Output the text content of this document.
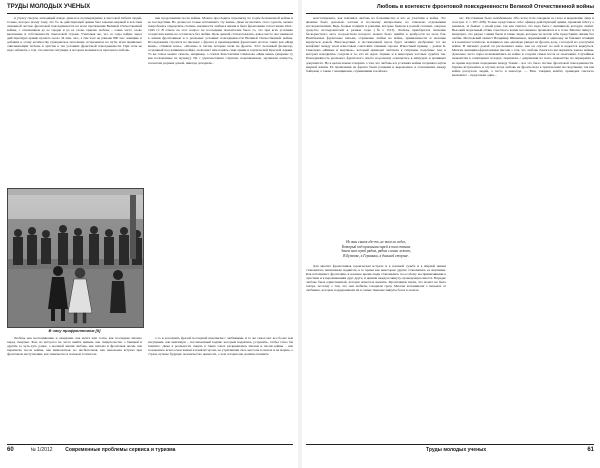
ТРУДЫ МОЛОДЫХ УЧЕНЫХ

и утрату смерти, находящей каждо днев-ное подтверждение в массовой гибели людей, точнее, которое всему тому, что бо ль действующей армии был законно-мерный и всё-таки связанной частью фронтовой повседневности на всем протяжении Великой Отечественной войны, с отношением до ее сердца и до ее слова. Однако любовь – очень часто слово включение и собственности смысловой строки. Учитывая же, что за годы войны через действующую армию прошло около 34 млн. чел., а тем часе не раньше 800 тыс. женщин, и добавим к этому количеству гражданское население, встреченное на пути, всем правильно описывающим любовь и чувства в тех условиях фронтовой повседневности. При этом не надо забывать о том, что многие ситуации, в которых возникала и протекала любовь.

В часу прифронтовом [9]

Любовь как воспоминание и ожидание, как мечта или тоска, как последнее письмо перед смертью. Бои, из которого не часто выйти живым, как свидетельство о бывшей и другим за чуть-чуть ранее, о военной жизни любовь, как письма и фронтовая песня, как переписка после войны, как мимолетная, но несбыточная, как невольная встреча при фронтовом наступлении, как знакомство в полевом госпитале.

ние продолжения после войны. Можно проследить переписку по годам бесконечной войны и ее последствия. Но далеко не только вспоминать эту жизнь. Даже не пытаясь этого сделать, можно попробовать определить степень значимости любви в жизни и быте фронтовика сопоставляя 1941–1945 гг. В ответе на этот вопрос не последним показателем было то, что при всех условиях солдатская жизнь не оставалась без любви. Цель данной статьи показать, какое место она занимала в жизни фронтовиков и в реальных условиях повседневности Великой Отечественной войны. Исследование строится на письмах с фронта и произведениях фронтовых поэтов, таких как «Жди меня», «Темная ночь», «Огонек» и песни, которые пели на фронте. Этот песенный фольклор, созданный под влиянием войны, позволяет нам понять сами армии и героической Красной Армии. То же самое можно сказать, например, о стихах Константина Симонова «Жди меня» (впервые ту как положенные на музыку). Их с удовольствием слушали, переписывали, заучивали наизусть, посылали родным домой, никогда доходили...

а то и дополнить фразой последней переписки с любимыми, и то же самое мог все более чем насущным, как максимум – послевоенный подвиг, которым надеялись устранить, чтобы стало бы понятно. Даже в реальности смерть в таких тонах раскрывались письма и песни войны – как заложенное всем основ жизни и памяти героев, не утративших свое чистоты в окопах и на марше, о страхе лучшее будущее человечество ценности, о чем сегодня мы должны помнить.

60	№ 1/2012	Современные проблемы сервиса и туризма
Любовь в контексте фронтовой повседневности Великой Отечественной войны

констатировать, как повлияла любовь на большинство и кто ее участник в войне. Это явление было довольно частым и по-своему интересным, но отмечено отдельными исследователями. Ведь боевые подвиги и ранения, которые бывали в разной степени, опорное средство исследователей в разные годы (№а 1513). Любовь приобретала значение бескорыстного акта, посредством которого можно было прийти к храбрости на поле боя. Неизбежные фронтовые письма, отражение любви на войне, привязанности и желание вернуться домой. Впоследствии, в послевоенной прозе будет активно изображен тот же конфликт между всем известным советским главным героем. Известный пример – роман К. Симонова «Живые и мертвые», который приводит читателя в ситуации, подобные тем, в которых находились солдаты и те, кто их ждал. Однако и в некоторых частных судьбах так. Повседневность реального фронтового опыта по-разному освещалась в мемуарах и архивных документах. Но в целом можно говорить о том, что любовь и в условиях войны сохраняла черты мирной жизни. Её проявления на фронте были разными и выражались в отношениях между бойцами, а также с женщинами, служившими в войсках.

Не ваш сынок где-то, не там ли сидел,
Который под красными зарей к тем стенам
Зачем вам герой рядом, рядом с ними лежит,
В Бутовке, в Германии, в дальней стороне.

Для многих фронтовиков героическая встреча и в военной судьбе и в мирной жизни становилась жизненным подвигом, в то время как некоторые другие становились ее жертвами. Как вспоминает фронтовик, в военное время люди становились по-особому восприимчивыми к чувствам и к переживаниям друг друга, и ценили каждую минуту, проведенную вместе. Нередко любовь была единственной, которая помогала выжить. Фронтовики знали, что может не быть завтра, поэтому о том, что они любили, говорили сразу. Многие вспоминали о письмах от любимых, которые поддерживали их в самые тяжелые минуты боя и в окопах.

час. Расставание было неизбежным. Обо всем этом говорили ее глаза и выражение лица и поза (кн. 2, с. 207–208). Только представьте себе: офицер действующей армии, проявляя заботу о раненых, за бывает о своей ране, так как считает, что надо быть с женщиной, которую любит. Высокий моральный облик советского воина несомненно проявлялся и в этом. Многие пишут в мемуарах, что рядом с ними были и такие люди, которые не могли себе представить жизни без любви. Московский связист Владимир Шишенков, переживший в одиночку на близких позиции и в военном госпитале, вспоминал, как однажды увидел на фронте дочь, с которой его разлучила война. В письмах домой он рассказывал жене, как он скучает по ней и надеется вернуться. Многие женщины-фронтовички писали о том, что любовь помогала им пережить ужасы войны. Довольно часто пары познакомились на войне и создали семьи после ее окончания. Случайные знакомства в санитарных поездах, переписка с девушками из тыла, знакомство на переправах и во время коротких передышек между боями – все это было частью фронтовой повседневности. Однако встречались и случаи, когда любовь на фронте вела к трагическим последствиям, так как война разлучала людей, а часто и навсегда. — Вам, товарищ комбат, приведем санчасть врачевать! – предложил один...

Труды молодых ученых	61
